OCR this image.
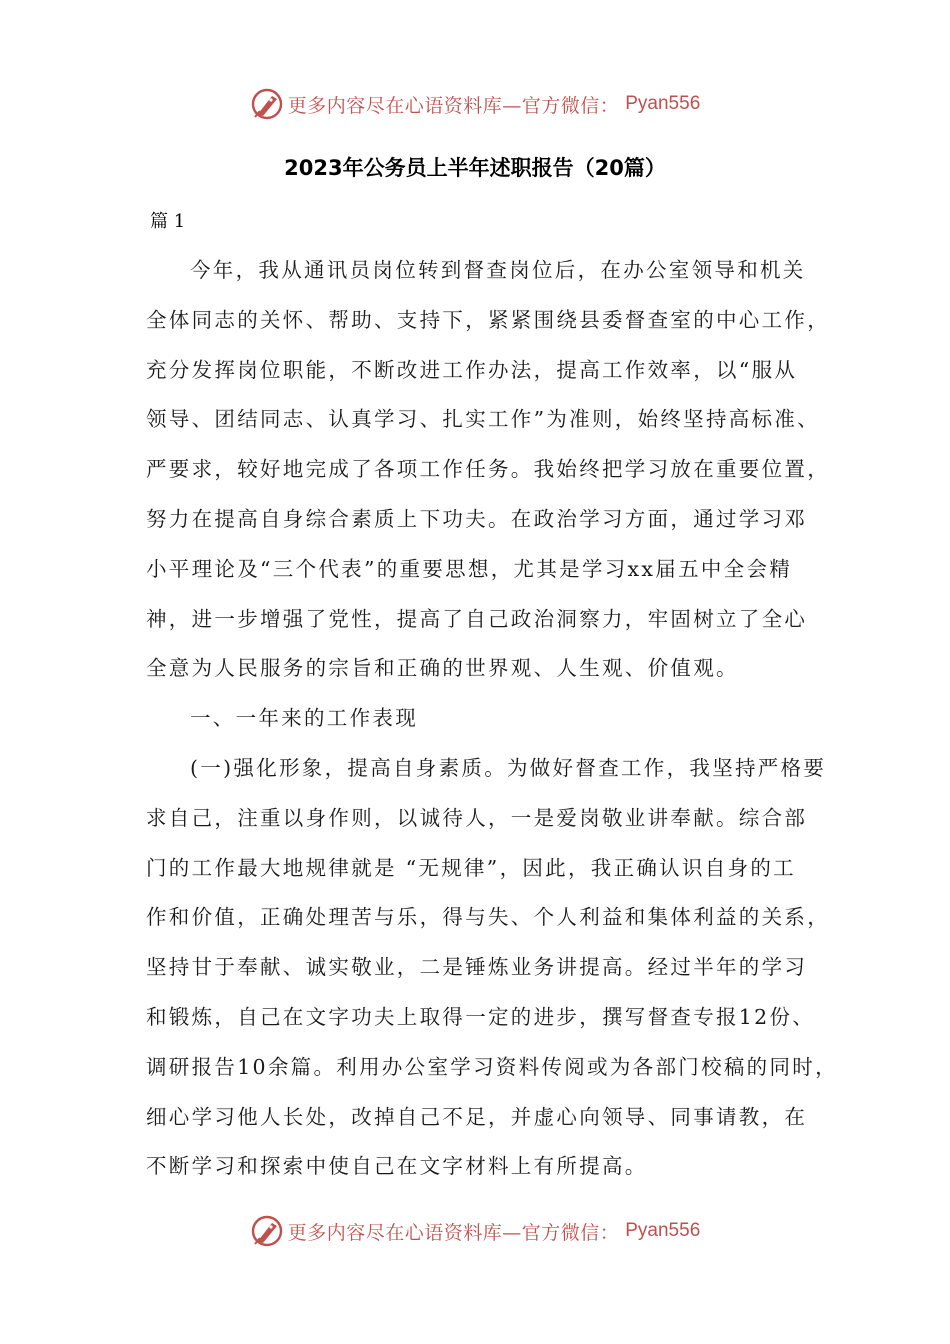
更多内容尽在心语资料库—官方微信： Pyan556
2023年公务员上半年述职报告（20篇）
篇 1
今年，我从通讯员岗位转到督查岗位后，在办公室领导和机关
全体同志的关怀、帮助、支持下，紧紧围绕县委督查室的中心工作，
充分发挥岗位职能，不断改进工作办法，提高工作效率，以“服从
领导、团结同志、认真学习、扎实工作”为准则，始终坚持高标准、
严要求，较好地完成了各项工作任务。我始终把学习放在重要位置，
努力在提高自身综合素质上下功夫。在政治学习方面，通过学习邓
小平理论及“三个代表”的重要思想，尤其是学习xx届五中全会精
神，进一步增强了党性，提高了自己政治洞察力，牢固树立了全心
全意为人民服务的宗旨和正确的世界观、人生观、价值观。
一、一年来的工作表现
(一)强化形象，提高自身素质。为做好督查工作，我坚持严格要
求自己，注重以身作则，以诚待人，一是爱岗敬业讲奉献。综合部
门的工作最大地规律就是 “无规律”，因此，我正确认识自身的工
作和价值，正确处理苦与乐，得与失、个人利益和集体利益的关系，
坚持甘于奉献、诚实敬业，二是锤炼业务讲提高。经过半年的学习
和锻炼，自己在文字功夫上取得一定的进步，撰写督查专报12份、
调研报告10余篇。利用办公室学习资料传阅或为各部门校稿的同时，
细心学习他人长处，改掉自己不足，并虚心向领导、同事请教，在
不断学习和探索中使自己在文字材料上有所提高。
更多内容尽在心语资料库—官方微信： Pyan556
